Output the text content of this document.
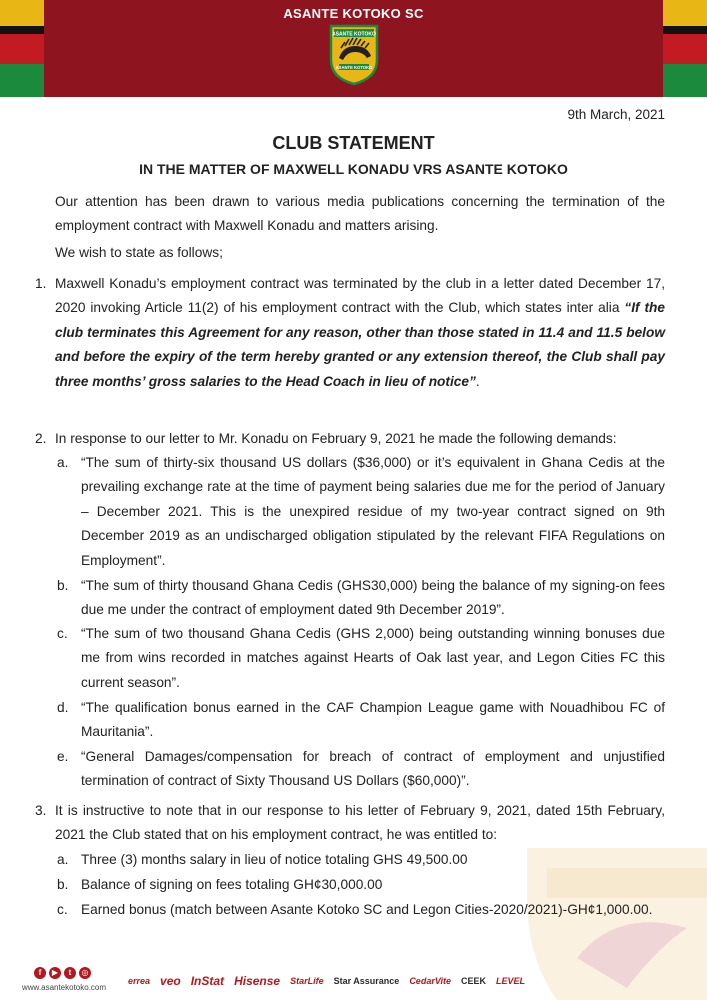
ASANTE KOTOKO SC
ASANTE KOTOKO
ASANTE KOTOKO
9th March, 2021
CLUB STATEMENT
IN THE MATTER OF MAXWELL KONADU VRS ASANTE KOTOKO

Our attention has been drawn to various media publications concerning the termination of the employment contract with Maxwell Konadu and matters arising.

We wish to state as follows;

1. Maxwell Konadu’s employment contract was terminated by the club in a letter dated December 17, 2020 invoking Article 11(2) of his employment contract with the Club, which states inter alia “If the club terminates this Agreement for any reason, other than those stated in 11.4 and 11.5 below and before the expiry of the term hereby granted or any extension thereof, the Club shall pay three months’ gross salaries to the Head Coach in lieu of notice”.
2. In response to our letter to Mr. Konadu on February 9, 2021 he made the following demands:
a. “The sum of thirty-six thousand US dollars ($36,000) or it’s equivalent in Ghana Cedis at the prevailing exchange rate at the time of payment being salaries due me for the period of January – December 2021. This is the unexpired residue of my two-year contract signed on 9th December 2019 as an undischarged obligation stipulated by the relevant FIFA Regulations on Employment”.
b. “The sum of thirty thousand Ghana Cedis (GHS30,000) being the balance of my signing-on fees due me under the contract of employment dated 9th December 2019”.
c. “The sum of two thousand Ghana Cedis (GHS 2,000) being outstanding winning bonuses due me from wins recorded in matches against Hearts of Oak last year, and Legon Cities FC this current season”.
d. “The qualification bonus earned in the CAF Champion League game with Nouadhibou FC of Mauritania”.
e. “General Damages/compensation for breach of contract of employment and unjustified termination of contract of Sixty Thousand US Dollars ($60,000)”.
3. It is instructive to note that in our response to his letter of February 9, 2021, dated 15th February, 2021 the Club stated that on his employment contract, he was entitled to:
a. Three (3) months salary in lieu of notice totaling GHS 49,500.00
b. Balance of signing on fees totaling GH¢30,000.00
c. Earned bonus (match between Asante Kotoko SC and Legon Cities-2020/2021)-GH¢1,000.00.
f	▶	t	◎
www.asantekotoko.com
errea veo InStat Hisense StarLife Star Assurance CedarVite CEEK LEVEL
